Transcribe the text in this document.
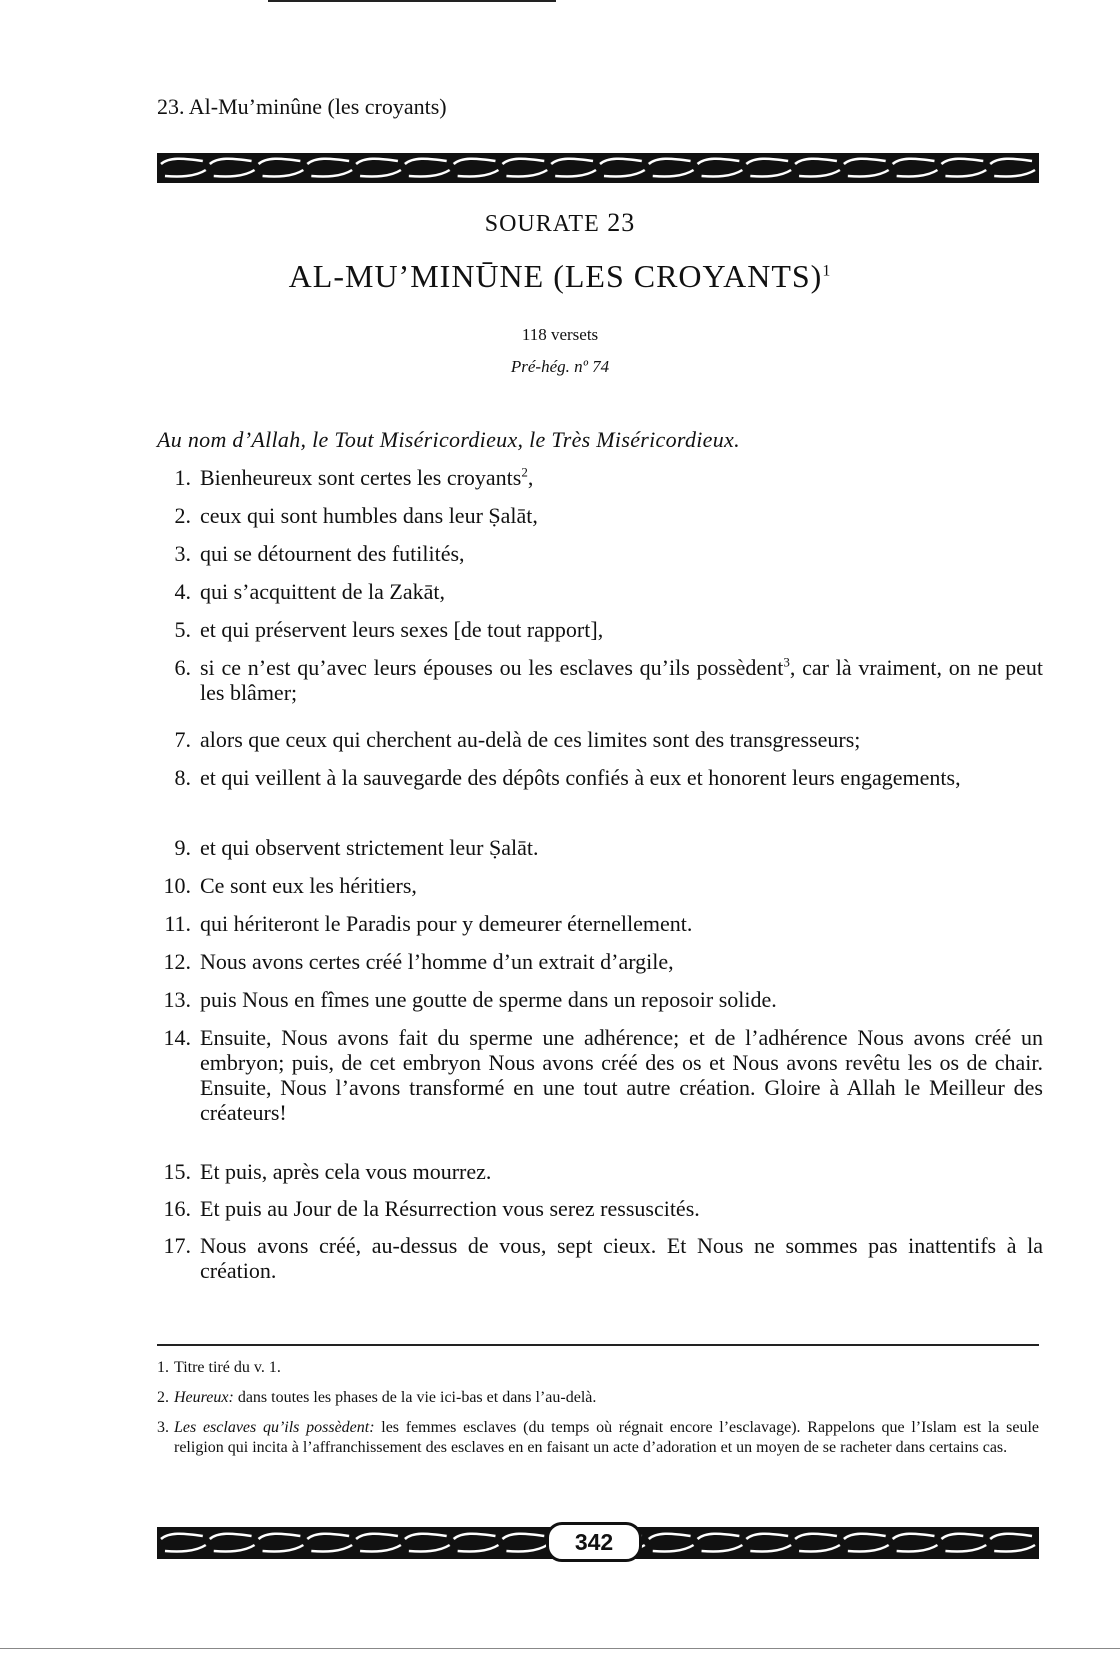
23. Al-Mu’minûne (les croyants)
SOURATE 23
AL-MU’MINŪNE (LES CROYANTS)$^1$
118 versets
Pré-hég. nº 74
Au nom d’Allah, le Tout Miséricordieux, le Très Miséricordieux.
1. Bienheureux sont certes les croyants$^2$,
2. ceux qui sont humbles dans leur Ṣalāt,
3. qui se détournent des futilités,
4. qui s’acquittent de la Zakāt,
5. et qui préservent leurs sexes [de tout rapport],
6. si ce n’est qu’avec leurs épouses ou les esclaves qu’ils possèdent$^3$, car là vraiment, on ne peut les blâmer;
7. alors que ceux qui cherchent au-delà de ces limites sont des transgresseurs;
8. et qui veillent à la sauvegarde des dépôts confiés à eux et honorent leurs engagements,
9. et qui observent strictement leur Ṣalāt.
10. Ce sont eux les héritiers,
11. qui hériteront le Paradis pour y demeurer éternellement.
12. Nous avons certes créé l’homme d’un extrait d’argile,
13. puis Nous en fîmes une goutte de sperme dans un reposoir solide.
14. Ensuite, Nous avons fait du sperme une adhérence; et de l’adhérence Nous avons créé un embryon; puis, de cet embryon Nous avons créé des os et Nous avons revêtu les os de chair. Ensuite, Nous l’avons transformé en une tout autre création. Gloire à Allah le Meilleur des créateurs!
15. Et puis, après cela vous mourrez.
16. Et puis au Jour de la Résurrection vous serez ressuscités.
17. Nous avons créé, au-dessus de vous, sept cieux. Et Nous ne sommes pas inattentifs à la création.
1. Titre tiré du v. 1.
2. Heureux: dans toutes les phases de la vie ici-bas et dans l’au-delà.
3. Les esclaves qu’ils possèdent: les femmes esclaves (du temps où régnait encore l’esclavage). Rappelons que l’Islam est la seule religion qui incita à l’affranchissement des esclaves en en faisant un acte d’adoration et un moyen de se racheter dans certains cas.
342
